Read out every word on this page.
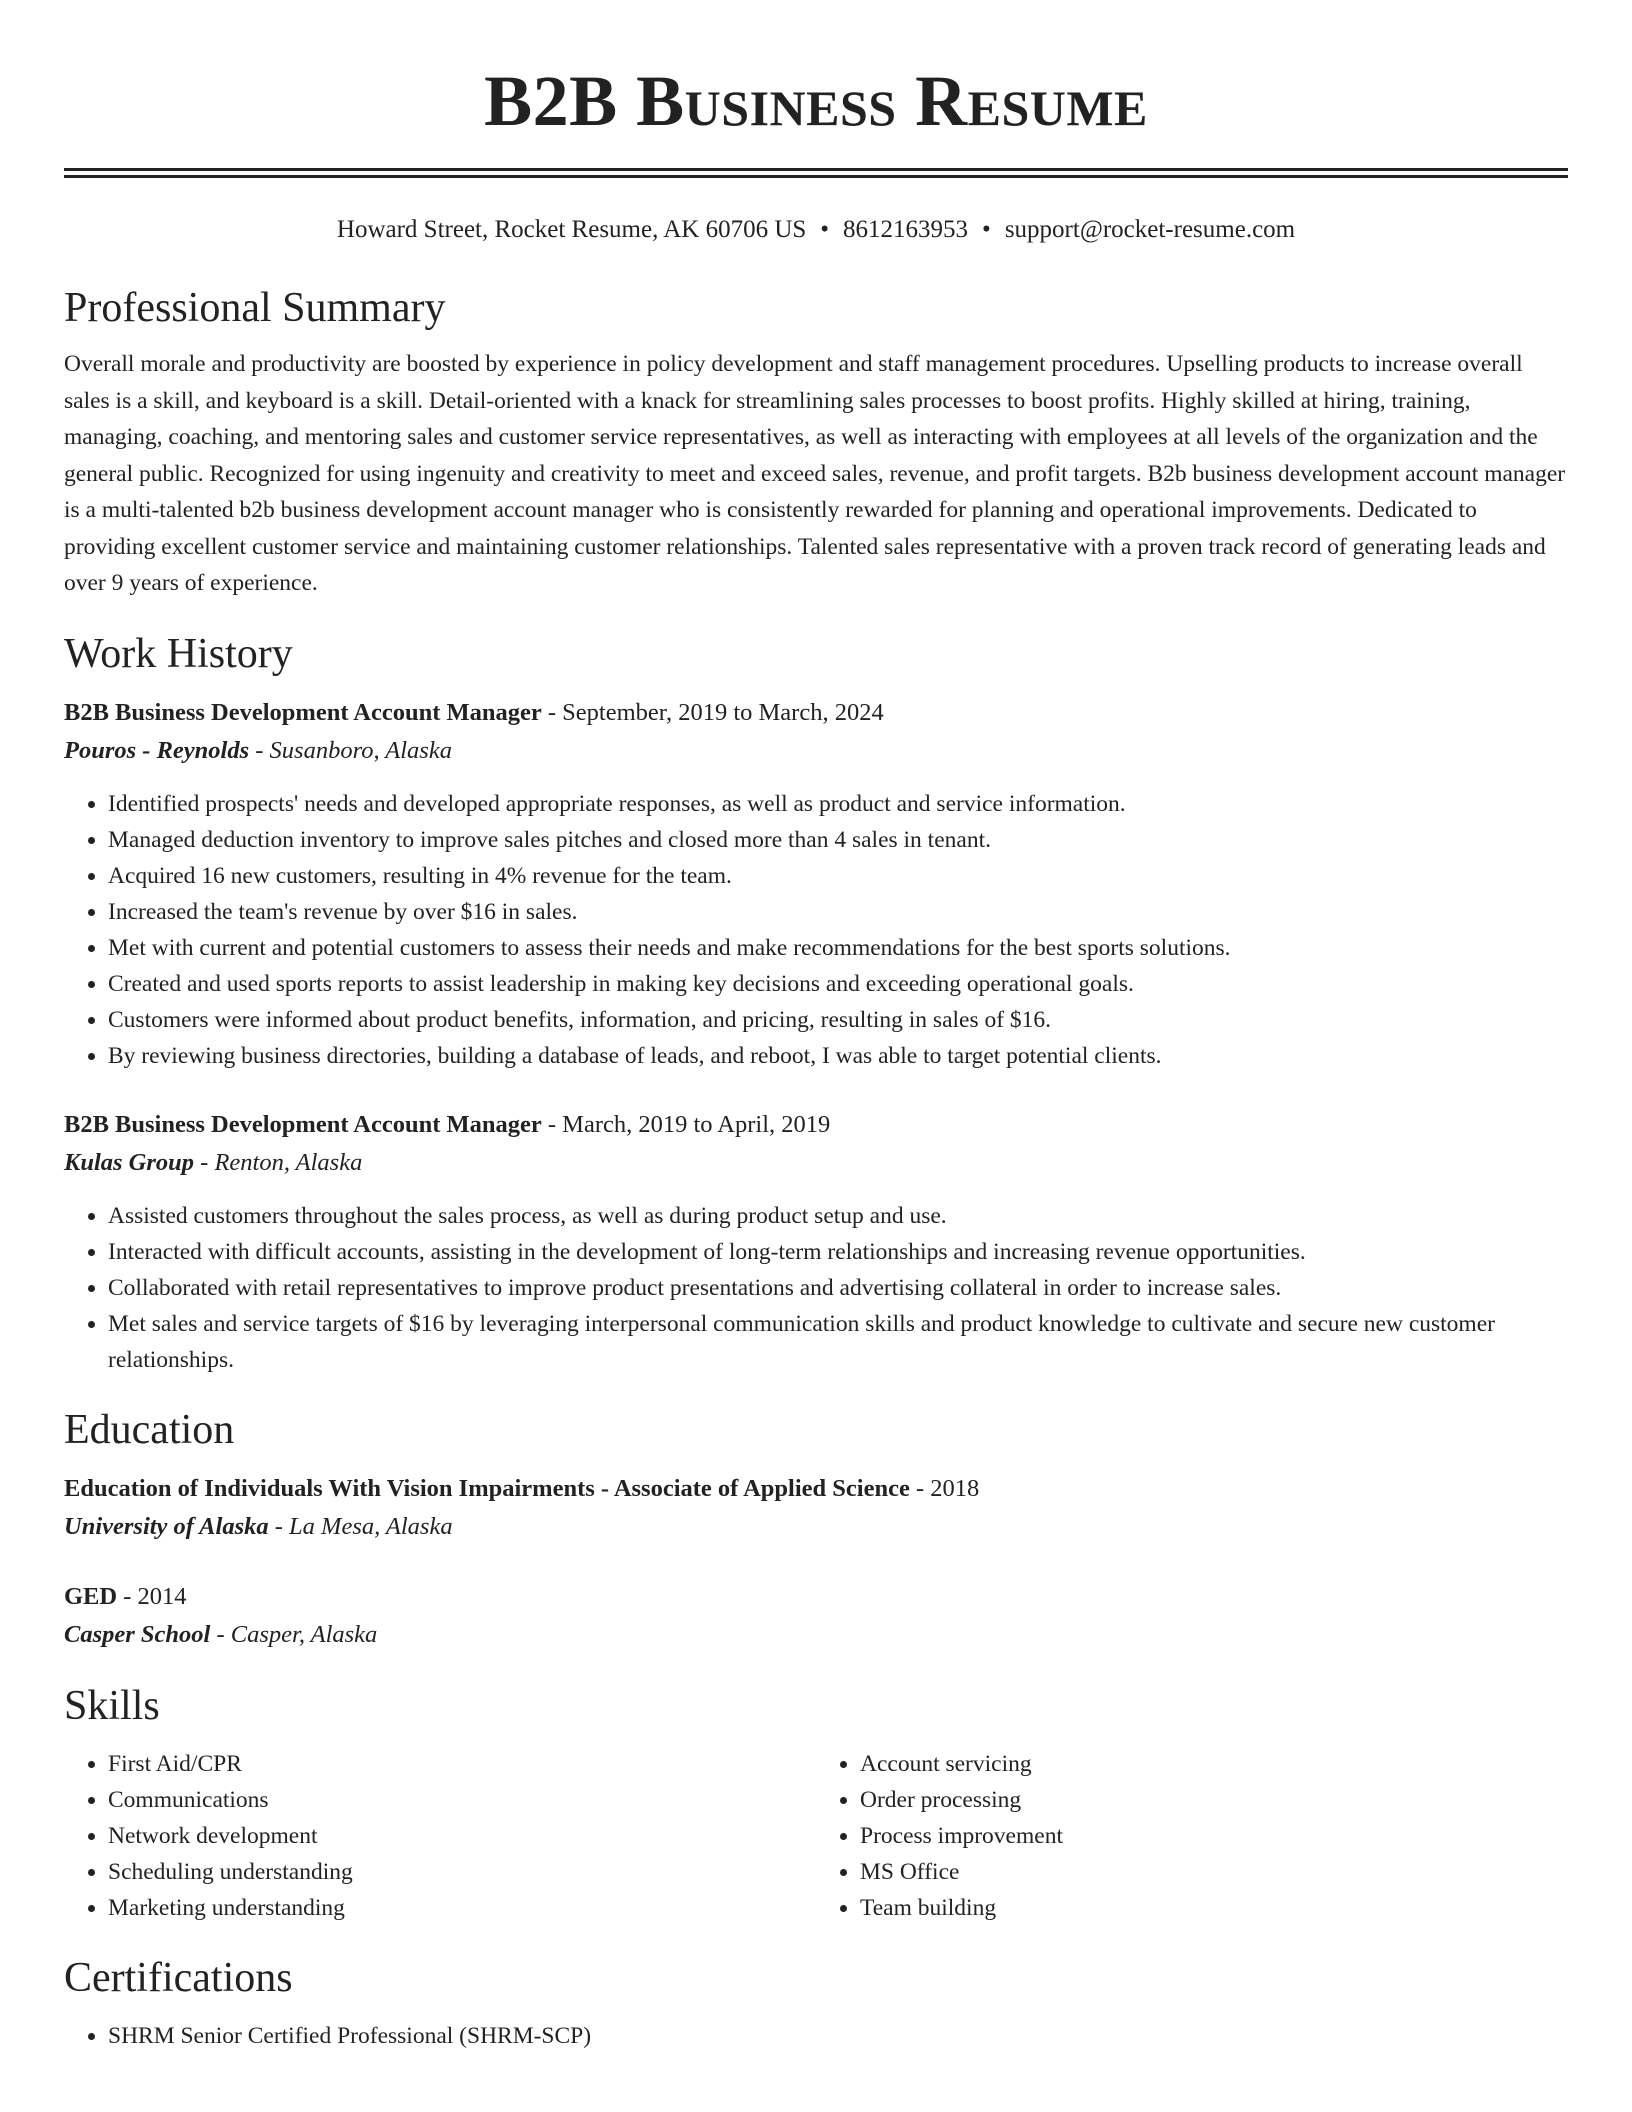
B2B Business Resume
Howard Street, Rocket Resume, AK 60706 US • 8612163953 • support@rocket-resume.com
Professional Summary

Overall morale and productivity are boosted by experience in policy development and staff management procedures. Upselling products to increase overall sales is a skill, and keyboard is a skill. Detail-oriented with a knack for streamlining sales processes to boost profits. Highly skilled at hiring, training, managing, coaching, and mentoring sales and customer service representatives, as well as interacting with employees at all levels of the organization and the general public. Recognized for using ingenuity and creativity to meet and exceed sales, revenue, and profit targets. B2b business development account manager is a multi-talented b2b business development account manager who is consistently rewarded for planning and operational improvements. Dedicated to providing excellent customer service and maintaining customer relationships. Talented sales representative with a proven track record of generating leads and over 9 years of experience.

Work History
B2B Business Development Account Manager - September, 2019 to March, 2024
Pouros - Reynolds - Susanboro, Alaska
• Identified prospects' needs and developed appropriate responses, as well as product and service information.
• Managed deduction inventory to improve sales pitches and closed more than 4 sales in tenant.
• Acquired 16 new customers, resulting in 4% revenue for the team.
• Increased the team's revenue by over $16 in sales.
• Met with current and potential customers to assess their needs and make recommendations for the best sports solutions.
• Created and used sports reports to assist leadership in making key decisions and exceeding operational goals.
• Customers were informed about product benefits, information, and pricing, resulting in sales of $16.
• By reviewing business directories, building a database of leads, and reboot, I was able to target potential clients.
B2B Business Development Account Manager - March, 2019 to April, 2019
Kulas Group - Renton, Alaska
• Assisted customers throughout the sales process, as well as during product setup and use.
• Interacted with difficult accounts, assisting in the development of long-term relationships and increasing revenue opportunities.
• Collaborated with retail representatives to improve product presentations and advertising collateral in order to increase sales.
• Met sales and service targets of $16 by leveraging interpersonal communication skills and product knowledge to cultivate and secure new customer relationships.
Education
Education of Individuals With Vision Impairments - Associate of Applied Science - 2018
University of Alaska - La Mesa, Alaska
GED - 2014
Casper School - Casper, Alaska
Skills
• First Aid/CPR
• Communications
• Network development
• Scheduling understanding
• Marketing understanding
• Account servicing
• Order processing
• Process improvement
• MS Office
• Team building
Certifications
• SHRM Senior Certified Professional (SHRM-SCP)
